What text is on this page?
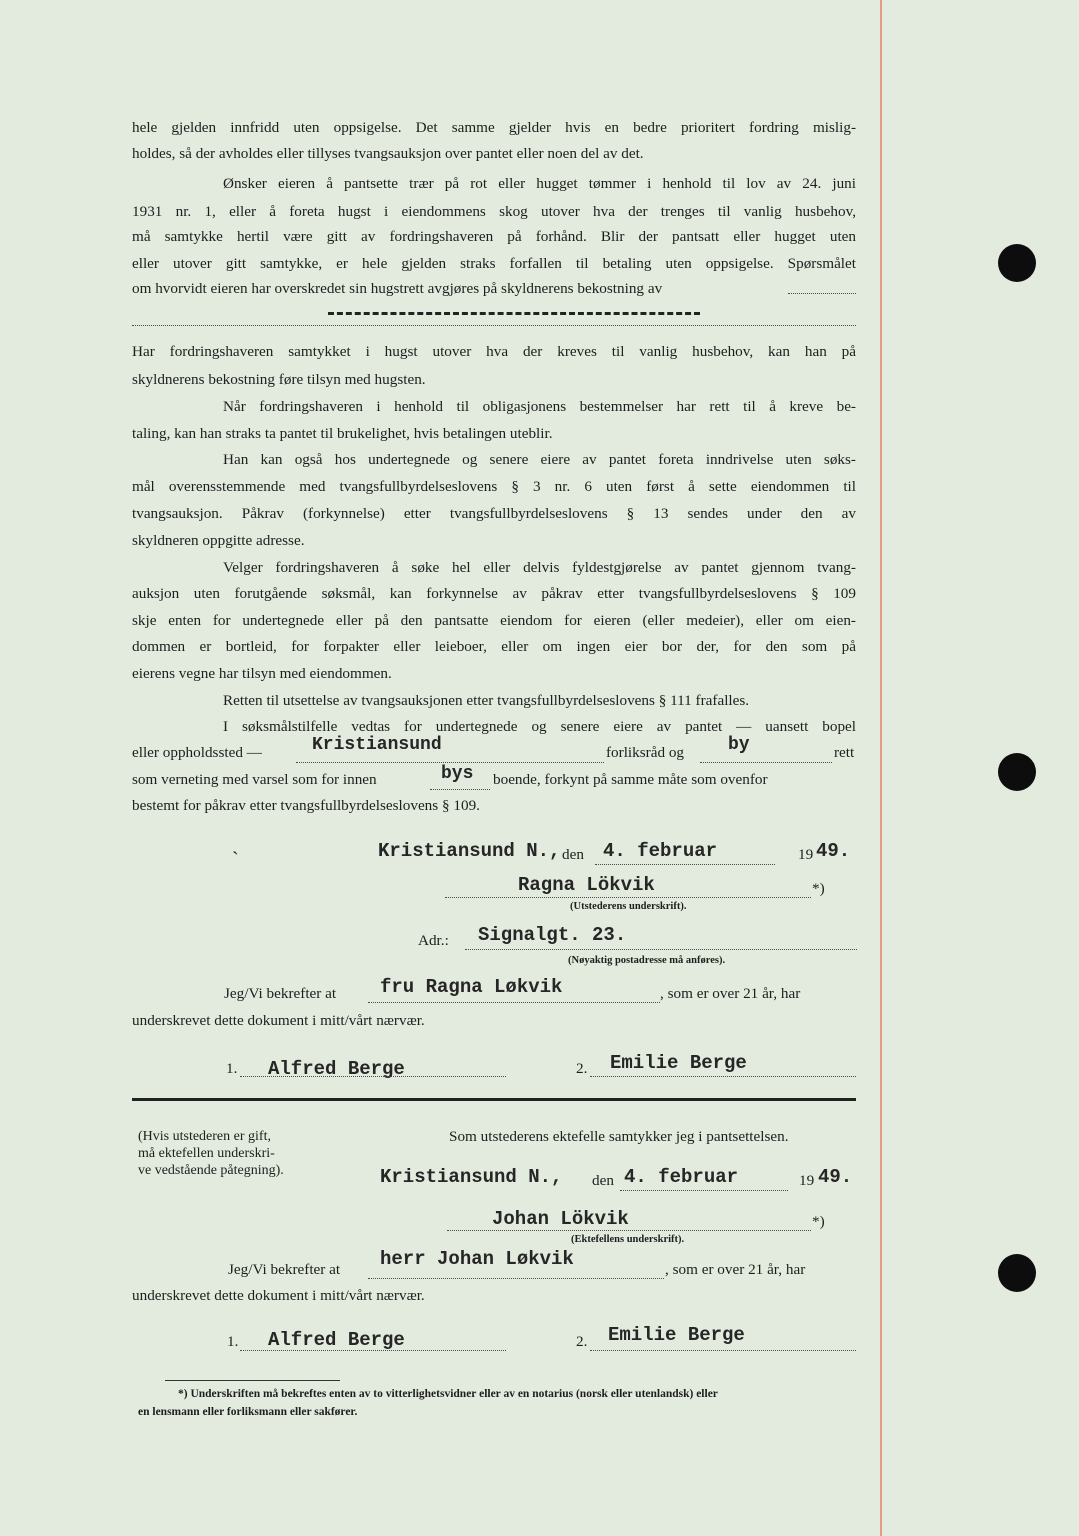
hele gjelden innfridd uten oppsigelse. Det samme gjelder hvis en bedre prioritert fordring mislig-
holdes, så der avholdes eller tillyses tvangsauksjon over pantet eller noen del av det.
Ønsker eieren å pantsette trær på rot eller hugget tømmer i henhold til lov av 24. juni
1931 nr. 1, eller å foreta hugst i eiendommens skog utover hva der trenges til vanlig husbehov,
må samtykke hertil være gitt av fordringshaveren på forhånd. Blir der pantsatt eller hugget uten
eller utover gitt samtykke, er hele gjelden straks forfallen til betaling uten oppsigelse. Spørsmålet
om hvorvidt eieren har overskredet sin hugstrett avgjøres på skyldnerens bekostning av
Har fordringshaveren samtykket i hugst utover hva der kreves til vanlig husbehov, kan han på
skyldnerens bekostning føre tilsyn med hugsten.
Når fordringshaveren i henhold til obligasjonens bestemmelser har rett til å kreve be-
taling, kan han straks ta pantet til brukelighet, hvis betalingen uteblir.
Han kan også hos undertegnede og senere eiere av pantet foreta inndrivelse uten søks-
mål overensstemmende med tvangsfullbyrdelseslovens § 3 nr. 6 uten først å sette eiendommen til
tvangsauksjon. Påkrav (forkynnelse) etter tvangsfullbyrdelseslovens § 13 sendes under den av
skyldneren oppgitte adresse.
Velger fordringshaveren å søke hel eller delvis fyldestgjørelse av pantet gjennom tvang-
auksjon uten forutgående søksmål, kan forkynnelse av påkrav etter tvangsfullbyrdelseslovens § 109
skje enten for undertegnede eller på den pantsatte eiendom for eieren (eller medeier), eller om eien-
dommen er bortleid, for forpakter eller leieboer, eller om ingen eier bor der, for den som på
eierens vegne har tilsyn med eiendommen.
Retten til utsettelse av tvangsauksjonen etter tvangsfullbyrdelseslovens § 111 frafalles.
I søksmålstilfelle vedtas for undertegnede og senere eiere av pantet — uansett bopel
eller oppholdssted —	Kristiansund	forliksråd og by	rett
som verneting med varsel som for innen	bys boende, forkynt på samme måte som ovenfor
bestemt for påkrav etter tvangsfullbyrdelseslovens § 109.
ˏ	Kristiansund N., den 4. februar	19 49.
Ragna Lökvik	*)
(Utstederens underskrift).
Adr.: Signalgt. 23.
(Nøyaktig postadresse må anføres).
Jeg/Vi bekrefter at fru Ragna Løkvik	, som er over 21 år, har
underskrevet dette dokument i mitt/vårt nærvær.
1. Alfred Berge	2. Emilie Berge
(Hvis utstederen er gift,
må ektefellen underskri-
ve vedstående påtegning).
Som utstederens ektefelle samtykker jeg i pantsettelsen.
Kristiansund N., den 4. februar	19 49.
Johan Lökvik	*)
(Ektefellens underskrift).
Jeg/Vi bekrefter at herr Johan Løkvik	, som er over 21 år, har
underskrevet dette dokument i mitt/vårt nærvær.
1. Alfred Berge	2. Emilie Berge
*) Underskriften må bekreftes enten av to vitterlighetsvidner eller av en notarius (norsk eller utenlandsk) eller
en lensmann eller forliksmann eller sakfører.
